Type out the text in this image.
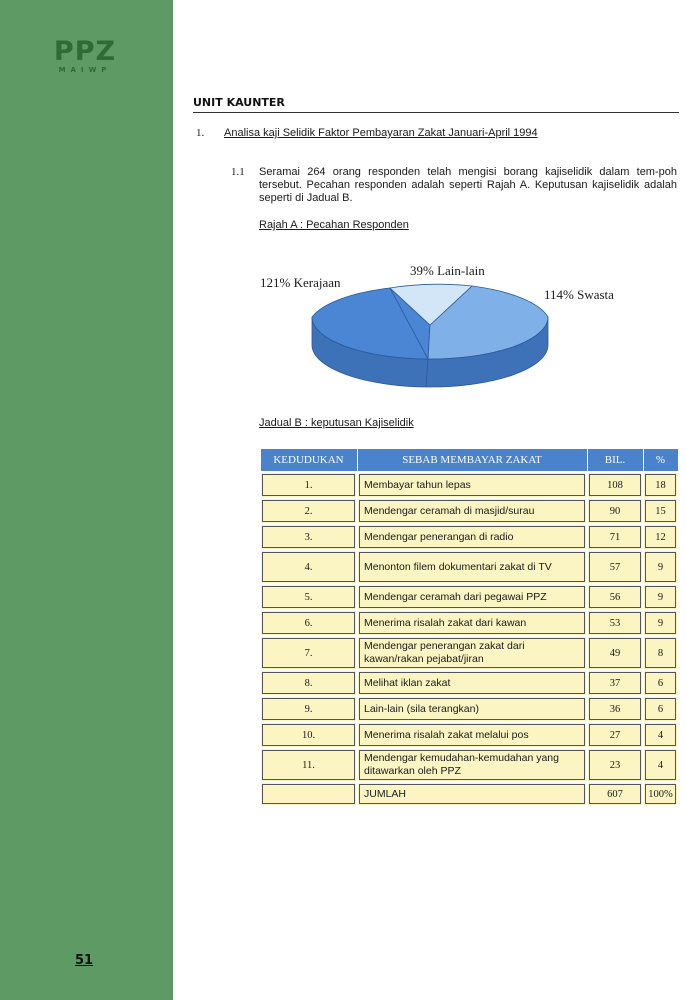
PPZ
MAIWP
51
UNIT KAUNTER
1. Analisa kaji Selidik Faktor Pembayaran Zakat Januari-April 1994
1.1 Seramai 264 orang responden telah mengisi borang kajiselidik dalam tem-poh tersebut. Pecahan responden adalah seperti Rajah A. Keputusan kajiselidik adalah seperti di Jadual B.
Rajah A : Pecahan Responden
121% Kerajaan
39% Lain-lain
114% Swasta
Jadual B : keputusan Kajiselidik
KEDUDUKAN	SEBAB MEMBAYAR ZAKAT	BIL.	%
1.	Membayar tahun lepas	108	18
2.	Mendengar ceramah di masjid/surau	90	15
3.	Mendengar penerangan di radio	71	12
4.	Menonton filem dokumentari zakat di TV	57	9
5.	Mendengar ceramah dari pegawai PPZ	56	9
6.	Menerima risalah zakat dari kawan	53	9
7.	Mendengar penerangan zakat dari kawan/rakan pejabat/jiran	49	8
8.	Melihat iklan zakat	37	6
9.	Lain-lain (sila terangkan)	36	6
10.	Menerima risalah zakat melalui pos	27	4
11.	Mendengar kemudahan-kemudahan yang ditawarkan oleh PPZ	23	4
	JUMLAH	607	100%
